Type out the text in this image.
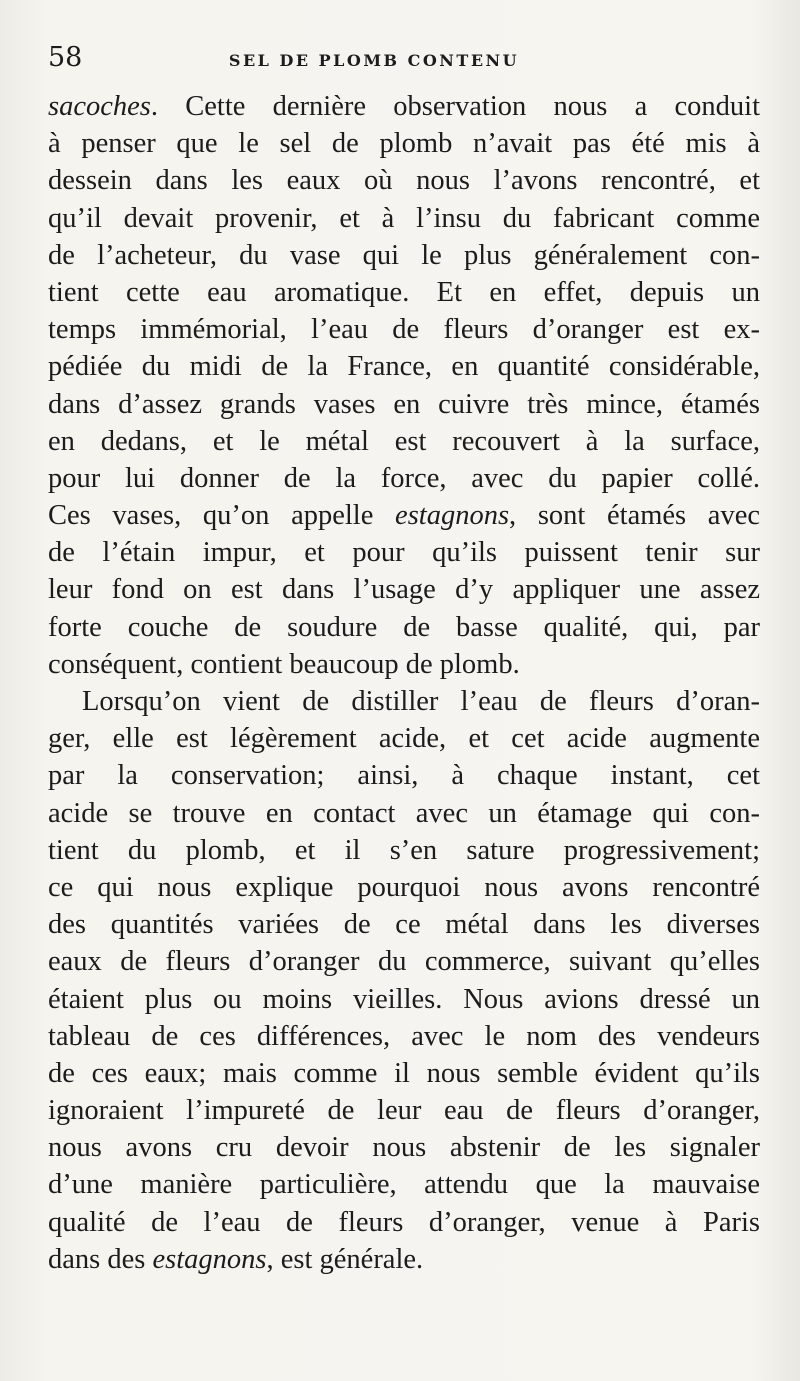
58	SEL DE PLOMB CONTENU
sacoches. Cette dernière observation nous a conduit
à penser que le sel de plomb n’avait pas été mis à
dessein dans les eaux où nous l’avons rencontré, et
qu’il devait provenir, et à l’insu du fabricant comme
de l’acheteur, du vase qui le plus généralement con-
tient cette eau aromatique. Et en effet, depuis un
temps immémorial, l’eau de fleurs d’oranger est ex-
pédiée du midi de la France, en quantité considérable,
dans d’assez grands vases en cuivre très mince, étamés
en dedans, et le métal est recouvert à la surface,
pour lui donner de la force, avec du papier collé.
Ces vases, qu’on appelle estagnons, sont étamés avec
de l’étain impur, et pour qu’ils puissent tenir sur
leur fond on est dans l’usage d’y appliquer une assez
forte couche de soudure de basse qualité, qui, par
conséquent, contient beaucoup de plomb.
Lorsqu’on vient de distiller l’eau de fleurs d’oran-
ger, elle est légèrement acide, et cet acide augmente
par la conservation; ainsi, à chaque instant, cet
acide se trouve en contact avec un étamage qui con-
tient du plomb, et il s’en sature progressivement;
ce qui nous explique pourquoi nous avons rencontré
des quantités variées de ce métal dans les diverses
eaux de fleurs d’oranger du commerce, suivant qu’elles
étaient plus ou moins vieilles. Nous avions dressé un
tableau de ces différences, avec le nom des vendeurs
de ces eaux; mais comme il nous semble évident qu’ils
ignoraient l’impureté de leur eau de fleurs d’oranger,
nous avons cru devoir nous abstenir de les signaler
d’une manière particulière, attendu que la mauvaise
qualité de l’eau de fleurs d’oranger, venue à Paris
dans des estagnons, est générale.
